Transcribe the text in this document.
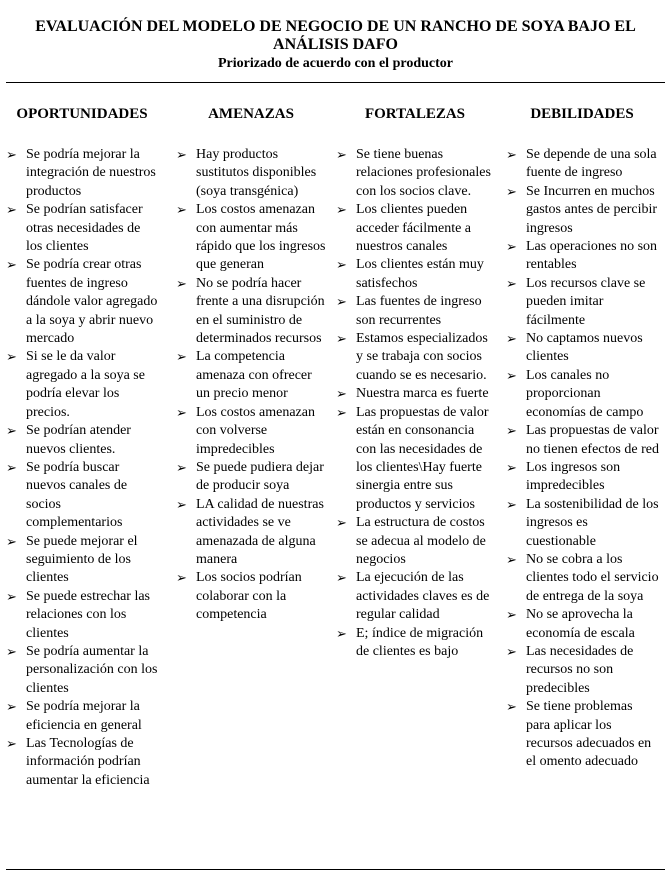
EVALUACIÓN DEL MODELO DE NEGOCIO DE UN RANCHO DE SOYA BAJO EL ANÁLISIS DAFO
Priorizado de acuerdo con el productor
OPORTUNIDADES
➢ Se podría mejorar la integración de nuestros productos
➢ Se podrían satisfacer otras necesidades de los clientes
➢ Se podría crear otras fuentes de ingreso dándole valor agregado a la soya y abrir nuevo mercado
➢ Si se le da valor agregado a la soya se podría elevar los precios.
➢ Se podrían atender nuevos clientes.
➢ Se podría buscar nuevos canales de socios complementarios
➢ Se puede mejorar el seguimiento de los clientes
➢ Se puede estrechar las relaciones con los clientes
➢ Se podría aumentar la personalización con los clientes
➢ Se podría mejorar la eficiencia en general
➢ Las Tecnologías de información podrían aumentar la eficiencia
AMENAZAS
➢ Hay productos sustitutos disponibles (soya transgénica)
➢ Los costos amenazan con aumentar más rápido que los ingresos que generan
➢ No se podría hacer frente a una disrupción en el suministro de determinados recursos
➢ La competencia amenaza con ofrecer un precio menor
➢ Los costos amenazan con volverse impredecibles
➢ Se puede pudiera dejar de producir soya
➢ LA calidad de nuestras actividades se ve amenazada de alguna manera
➢ Los socios podrían colaborar con la competencia
FORTALEZAS
➢ Se tiene buenas relaciones profesionales con los socios clave.
➢ Los clientes pueden acceder fácilmente a nuestros canales
➢ Los clientes están muy satisfechos
➢ Las fuentes de ingreso son recurrentes
➢ Estamos especializados y se trabaja con socios cuando se es necesario.
➢ Nuestra marca es fuerte
➢ Las propuestas de valor están en consonancia con las necesidades de los clientes\Hay fuerte sinergia entre sus productos y servicios
➢ La estructura de costos se adecua al modelo de negocios
➢ La ejecución de las actividades claves es de regular calidad
➢ E; índice de migración de clientes es bajo
DEBILIDADES
➢ Se depende de una sola fuente de ingreso
➢ Se Incurren en muchos gastos antes de percibir ingresos
➢ Las operaciones no son rentables
➢ Los recursos clave se pueden imitar fácilmente
➢ No captamos nuevos clientes
➢ Los canales no proporcionan economías de campo
➢ Las propuestas de valor no tienen efectos de red
➢ Los ingresos son impredecibles
➢ La sostenibilidad de los ingresos es cuestionable
➢ No se cobra a los clientes todo el servicio de entrega de la soya
➢ No se aprovecha la economía de escala
➢ Las necesidades de recursos no son predecibles
➢ Se tiene problemas para aplicar los recursos adecuados en el omento adecuado
